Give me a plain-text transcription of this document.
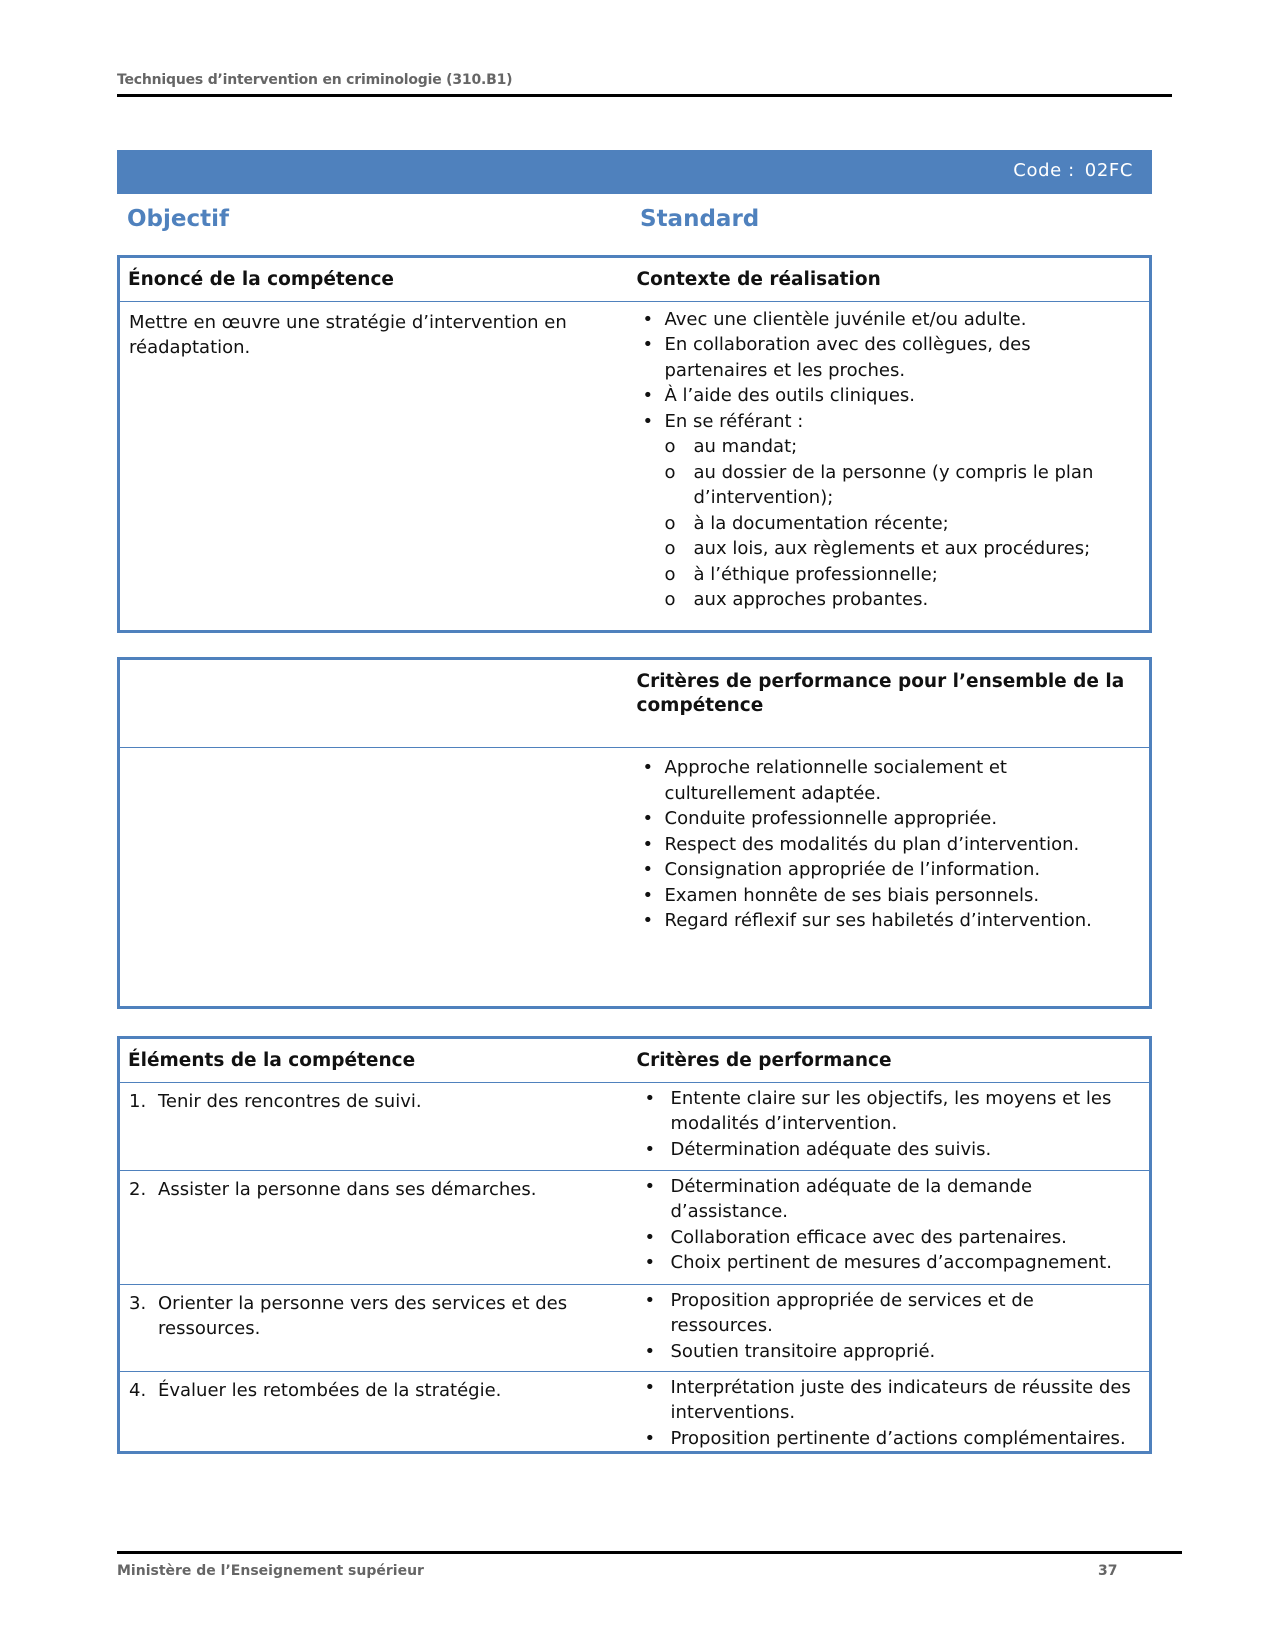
Techniques d’intervention en criminologie (310.B1)
Code : 02FC
Objectif	Standard
Énoncé de la compétence	Contexte de réalisation
Mettre en œuvre une stratégie d’intervention en réadaptation.	
• Avec une clientèle juvénile et/ou adulte.
• En collaboration avec des collègues, des partenaires et les proches.
• À l’aide des outils cliniques.
• En se référant :
o au mandat;
o au dossier de la personne (y compris le plan d’intervention);
o à la documentation récente;
o aux lois, aux règlements et aux procédures;
o à l’éthique professionnelle;
o aux approches probantes.
	Critères de performance pour l’ensemble de la compétence

• Approche relationnelle socialement et culturellement adaptée.
• Conduite professionnelle appropriée.
• Respect des modalités du plan d’intervention.
• Consignation appropriée de l’information.
• Examen honnête de ses biais personnels.
• Regard réflexif sur ses habiletés d’intervention.
Éléments de la compétence	Critères de performance

1. Tenir des rencontres de suivi.

•Entente claire sur les objectifs, les moyens et les modalités d’intervention.
• Détermination adéquate des suivis.

2. Assister la personne dans ses démarches.

•Détermination adéquate de la demande d’assistance.
• Collaboration efficace avec des partenaires.
• Choix pertinent de mesures d’accompagnement.

3. Orienter la personne vers des services et des ressources.

• Proposition appropriée de services et de ressources.
• Soutien transitoire approprié.

4. Évaluer les retombées de la stratégie.

•Interprétation juste des indicateurs de réussite des interventions.
• Proposition pertinente d’actions complémentaires.
Ministère de l’Enseignement supérieur	37
